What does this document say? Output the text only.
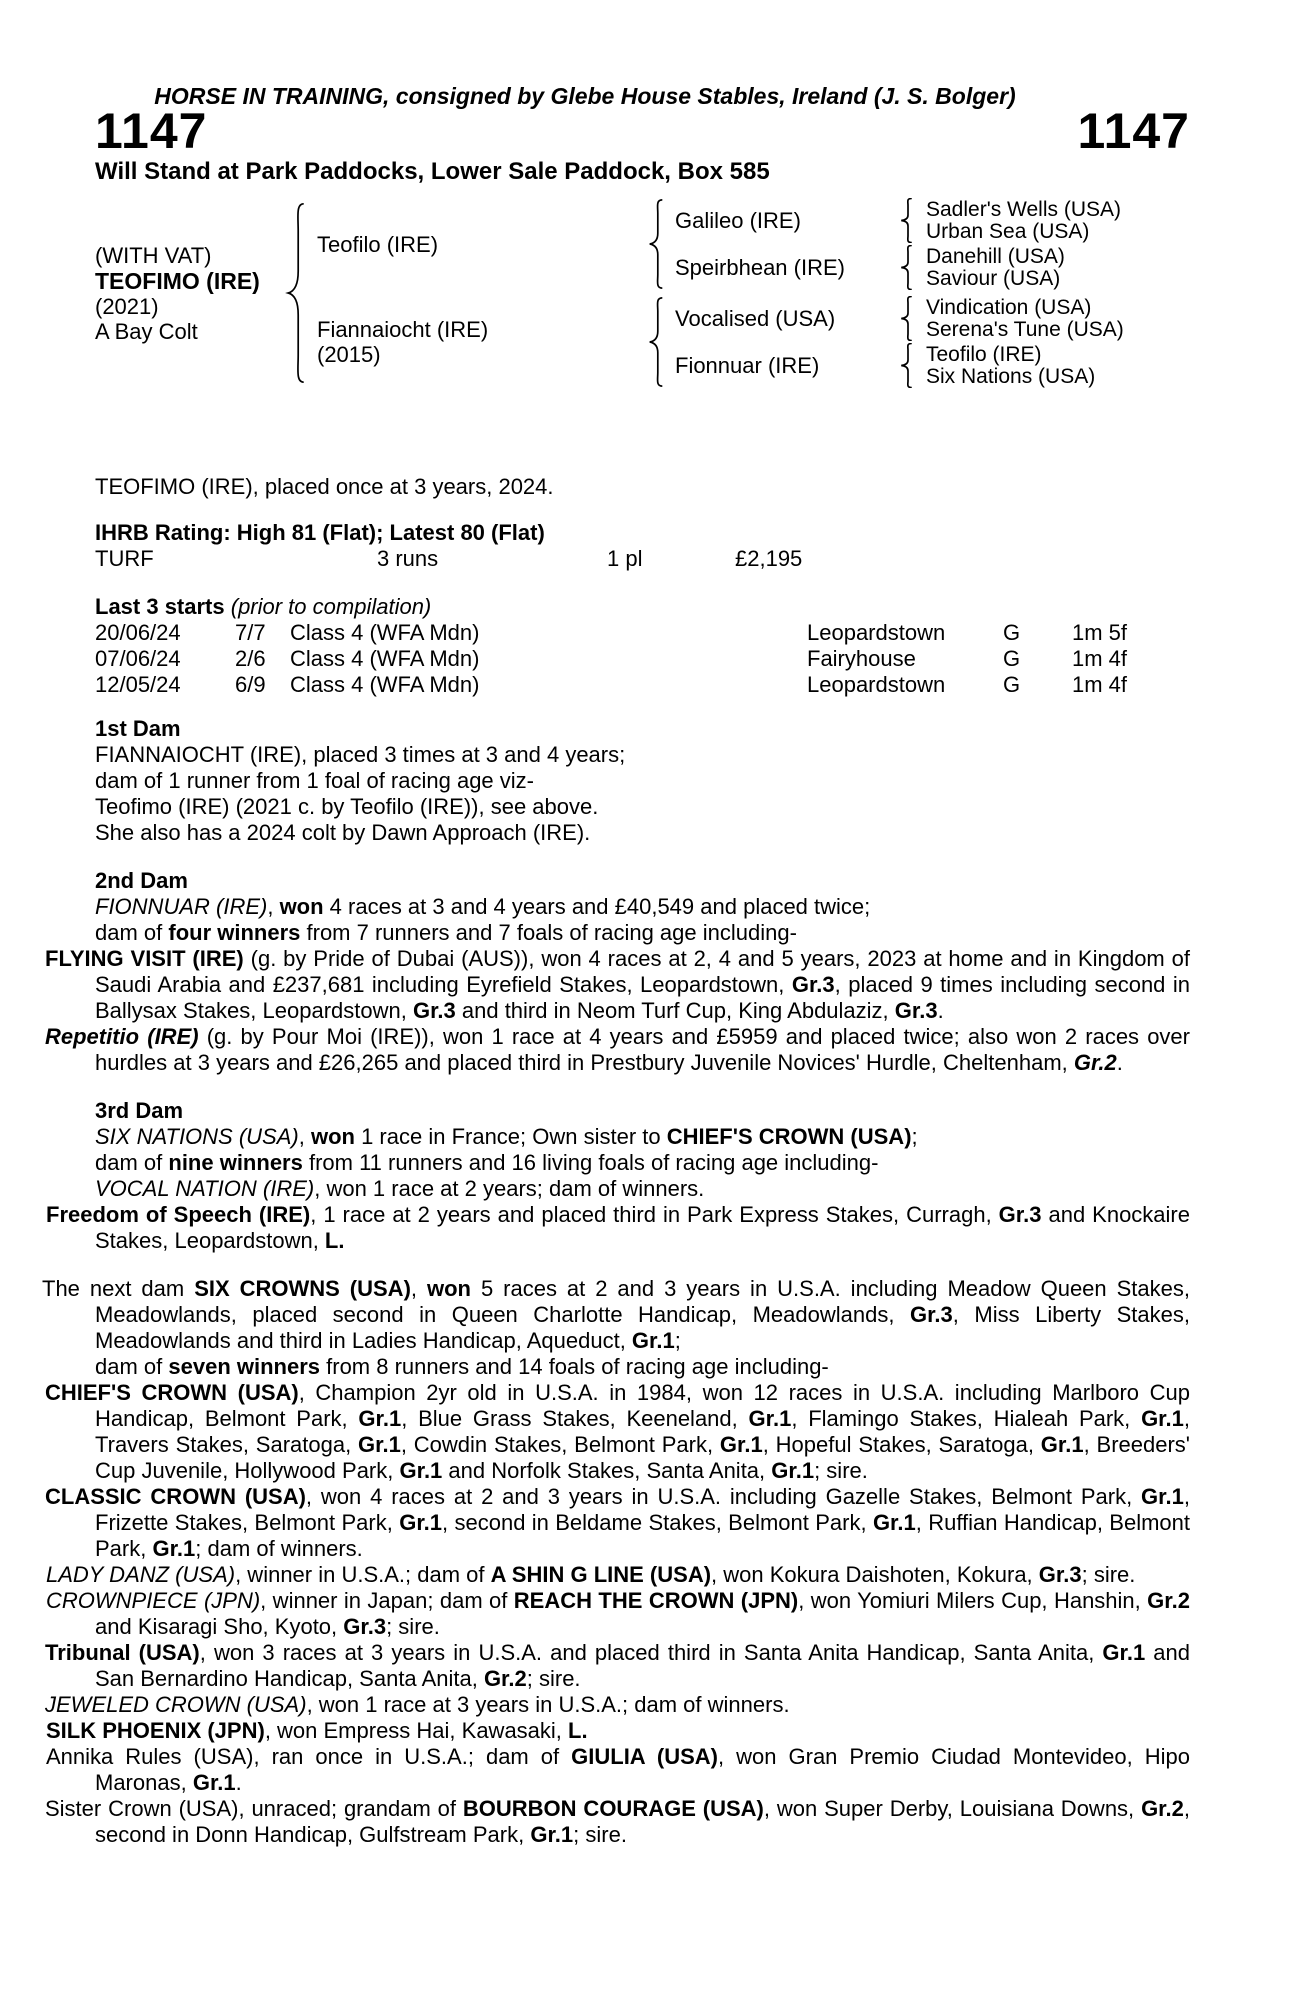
HORSE IN TRAINING, consigned by Glebe House Stables, Ireland (J. S. Bolger)
1147	1147
Will Stand at Park Paddocks, Lower Sale Paddock, Box 585
(WITH VAT)
TEOFIMO (IRE)
(2021)
A Bay Colt
Teofilo (IRE)
Galileo (IRE)	Sadler's Wells (USA)
Urban Sea (USA)
Speirbhean (IRE)	Danehill (USA)
Saviour (USA)
Fiannaiocht (IRE)
(2015)
Vocalised (USA)	Vindication (USA)
Serena's Tune (USA)
Fionnuar (IRE)	Teofilo (IRE)
Six Nations (USA)
TEOFIMO (IRE), placed once at 3 years, 2024.
IHRB Rating: High 81 (Flat); Latest 80 (Flat)
TURF	3 runs	1 pl	£2,195
Last 3 starts (prior to compilation)
20/06/24	7/7	Class 4 (WFA Mdn)	Leopardstown	G	1m 5f
07/06/24	2/6	Class 4 (WFA Mdn)	Fairyhouse	G	1m 4f
12/05/24	6/9	Class 4 (WFA Mdn)	Leopardstown	G	1m 4f
1st Dam

FIANNAIOCHT (IRE), placed 3 times at 3 and 4 years;

dam of 1 runner from 1 foal of racing age viz-

Teofimo (IRE) (2021 c. by Teofilo (IRE)), see above.

She also has a 2024 colt by Dawn Approach (IRE).

2nd Dam

FIONNUAR (IRE), won 4 races at 3 and 4 years and £40,549 and placed twice;

dam of four winners from 7 runners and 7 foals of racing age including-

FLYING VISIT (IRE) (g. by Pride of Dubai (AUS)), won 4 races at 2, 4 and 5 years, 2023 at home and in Kingdom of Saudi Arabia and £237,681 including Eyrefield Stakes, Leopardstown, Gr.3, placed 9 times including second in Ballysax Stakes, Leopardstown, Gr.3 and third in Neom Turf Cup, King Abdulaziz, Gr.3.

Repetitio (IRE) (g. by Pour Moi (IRE)), won 1 race at 4 years and £5959 and placed twice; also won 2 races over hurdles at 3 years and £26,265 and placed third in Prestbury Juvenile Novices' Hurdle, Cheltenham, Gr.2.

3rd Dam

SIX NATIONS (USA), won 1 race in France; Own sister to CHIEF'S CROWN (USA);

dam of nine winners from 11 runners and 16 living foals of racing age including-

VOCAL NATION (IRE), won 1 race at 2 years; dam of winners.

Freedom of Speech (IRE), 1 race at 2 years and placed third in Park Express Stakes, Curragh, Gr.3 and Knockaire Stakes, Leopardstown, L.

The next dam SIX CROWNS (USA), won 5 races at 2 and 3 years in U.S.A. including Meadow Queen Stakes, Meadowlands, placed second in Queen Charlotte Handicap, Meadowlands, Gr.3, Miss Liberty Stakes, Meadowlands and third in Ladies Handicap, Aqueduct, Gr.1;

dam of seven winners from 8 runners and 14 foals of racing age including-

CHIEF'S CROWN (USA), Champion 2yr old in U.S.A. in 1984, won 12 races in U.S.A. including Marlboro Cup Handicap, Belmont Park, Gr.1, Blue Grass Stakes, Keeneland, Gr.1, Flamingo Stakes, Hialeah Park, Gr.1, Travers Stakes, Saratoga, Gr.1, Cowdin Stakes, Belmont Park, Gr.1, Hopeful Stakes, Saratoga, Gr.1, Breeders' Cup Juvenile, Hollywood Park, Gr.1 and Norfolk Stakes, Santa Anita, Gr.1; sire.

CLASSIC CROWN (USA), won 4 races at 2 and 3 years in U.S.A. including Gazelle Stakes, Belmont Park, Gr.1, Frizette Stakes, Belmont Park, Gr.1, second in Beldame Stakes, Belmont Park, Gr.1, Ruffian Handicap, Belmont Park, Gr.1; dam of winners.

LADY DANZ (USA), winner in U.S.A.; dam of A SHIN G LINE (USA), won Kokura Daishoten, Kokura, Gr.3; sire.

CROWNPIECE (JPN), winner in Japan; dam of REACH THE CROWN (JPN), won Yomiuri Milers Cup, Hanshin, Gr.2 and Kisaragi Sho, Kyoto, Gr.3; sire.

Tribunal (USA), won 3 races at 3 years in U.S.A. and placed third in Santa Anita Handicap, Santa Anita, Gr.1 and San Bernardino Handicap, Santa Anita, Gr.2; sire.

JEWELED CROWN (USA), won 1 race at 3 years in U.S.A.; dam of winners.

SILK PHOENIX (JPN), won Empress Hai, Kawasaki, L.

Annika Rules (USA), ran once in U.S.A.; dam of GIULIA (USA), won Gran Premio Ciudad Montevideo, Hipo Maronas, Gr.1.

Sister Crown (USA), unraced; grandam of BOURBON COURAGE (USA), won Super Derby, Louisiana Downs, Gr.2, second in Donn Handicap, Gulfstream Park, Gr.1; sire.
